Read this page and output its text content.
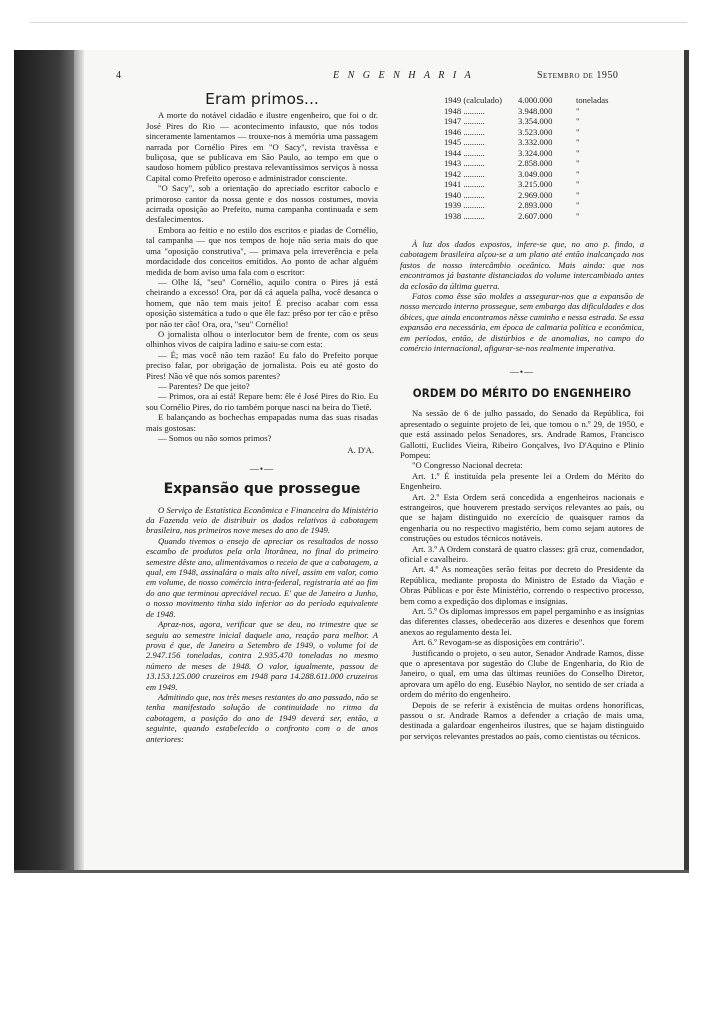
4	E N G E N H A R I A	Setembro de 1950
Eram primos...

A morte do notável cidadão e ilustre engenheiro, que foi o dr. José Pires do Rio — acontecimento infausto, que nós todos sinceramente lamentamos — trouxe-nos à memória uma passagem narrada por Cornélio Pires em "O Sacy", revista travêssa e buliçosa, que se publicava em São Paulo, ao tempo em que o saudoso homem público prestava relevantíssimos serviços à nossa Capital como Prefeito operoso e administrador consciente.

"O Sacy", sob a orientação do apreciado escritor caboclo e primoroso cantor da nossa gente e dos nossos costumes, movia acirrada oposição ao Prefeito, numa campanha continuada e sem desfalecimentos.

Embora ao feitio e no estilo dos escritos e piadas de Cornélio, tal campanha — que nos tempos de hoje não seria mais do que uma "oposição construtiva", — primava pela irreverência e pela mordacidade dos conceitos emitidos. Ao ponto de achar alguém medida de bom aviso uma fala com o escritor:

— Olhe lá, "seu" Cornélio, aquilo contra o Pires já está cheirando a excesso! Ora, por dá cá aquela palha, você desanca o homem, que não tem mais jeito! É preciso acabar com essa oposição sistemática a tudo o que êle faz: prêso por ter cão e prêso por não ter cão! Ora, ora, "seu" Cornélio!

O jornalista olhou o interlocutor bem de frente, com os seus olhinhos vivos de caipira ladino e saiu-se com esta:

— É; mas você não tem razão! Eu falo do Prefeito porque preciso falar, por obrigação de jornalista. Pois eu até gosto do Pires! Não vê que nós somos parentes?

— Parentes? De que jeito?

— Primos, ora aí está! Repare bem: êle é José Pires do Rio. Eu sou Cornélio Pires, do rio também porque nasci na beira do Tietê.

E balançando as bochechas empapadas numa das suas risadas mais gostosas:

— Somos ou não somos primos?

A. D'A.

—•—
Expansão que prossegue

O Serviço de Estatística Econômica e Financeira do Ministério da Fazenda veio de distribuir os dados relativos à cabotagem brasileira, nos primeiros nove meses do ano de 1949.

Quando tivemos o ensejo de apreciar os resultados de nosso escambo de produtos pela orla litorânea, no final do primeiro semestre dêste ano, alimentávamos o receio de que a cabotagem, a qual, em 1948, assinalára o mais alto nível, assim em valor, como em volume, de nosso comércio intra-federal, registraria até ao fim do ano que terminou apreciável recuo. E' que de Janeiro a Junho, o nosso movimento tinha sido inferior ao do período equivalente de 1948.

Apraz-nos, agora, verificar que se deu, no trimestre que se seguiu ao semestre inicial daquele ano, reação para melhor. A prova é que, de Janeiro a Setembro de 1949, o volume foi de 2.947.156 toneladas, contra 2.935.470 toneladas no mesmo número de meses de 1948. O valor, igualmente, passou de 13.153.125.000 cruzeiros em 1948 para 14.288.611.000 cruzeiros em 1949.

Admitindo que, nos três meses restantes do ano passado, não se tenha manifestado solução de continuidade no ritmo da cabotagem, a posição do ano de 1949 deverá ser, então, a seguinte, quando estabelecido o confronto com o de anos anteriores:

1949 (calculado)	4.000.000	toneladas
1948 ..........	3.948.000	"
1947 ..........	3.354.000	"
1946 ..........	3.523.000	"
1945 ..........	3.332.000	"
1944 ..........	3.324.000	"
1943 ..........	2.858.000	"
1942 ..........	3.049.000	"
1941 ..........	3.215.000	"
1940 ..........	2.969.000	"
1939 ..........	2.893.000	"
1938 ..........	2.607.000	"

À luz dos dados expostos, infere-se que, no ano p. findo, a cabotagem brasileira alçou-se a um plano até então inalcançado nos fastos de nosso intercâmbio oceânico. Mais ainda: que nos encontramos já bastante distanciados do volume intercambiado antes da eclosão da última guerra.

Fatos como êsse são moldes a assegurar-nos que a expansão de nosso mercado interno prossegue, sem embargo das dificuldades e dos óbices, que ainda encontramos nêsse caminho e nessa estrada. Se essa expansão era necessária, em época de calmaria política e econômica, em períodos, então, de distúrbios e de anomalias, no campo do comércio internacional, afigurar-se-nos realmente imperativa.

—•—
ORDEM DO MÉRITO DO ENGENHEIRO

Na sessão de 6 de julho passado, do Senado da República, foi apresentado o seguinte projeto de lei, que tomou o n.º 29, de 1950, e que está assinado pelos Senadores, srs. Andrade Ramos, Francisco Gallotti, Euclides Vieira, Ribeiro Gonçalves, Ivo D'Aquino e Plinio Pompeu:

"O Congresso Nacional decreta:

Art. 1.º É instituída pela presente lei a Ordem do Mérito do Engenheiro.

Art. 2.º Esta Ordem será concedida a engenheiros nacionais e estrangeiros, que houverem prestado serviços relevantes ao país, ou que se hajam distinguido no exercício de quaisquer ramos da engenharia ou no respectivo magistério, bem como sejam autores de construções ou estudos técnicos notáveis.

Art. 3.º A Ordem constará de quatro classes: grã cruz, comendador, oficial e cavalheiro.

Art. 4.º As nomeações serão feitas por decreto do Presidente da República, mediante proposta do Ministro de Estado da Viação e Obras Públicas e por êste Ministério, correndo o respectivo processo, bem como a expedição dos diplomas e insígnias.

Art. 5.º Os diplomas impressos em papel pergaminho e as insígnias das diferentes classes, obedecerão aos dizeres e desenhos que forem anexos ao regulamento desta lei.

Art. 6.º Revogam-se as disposições em contrário".

Justificando o projeto, o seu autor, Senador Andrade Ramos, disse que o apresentava por sugestão do Clube de Engenharia, do Rio de Janeiro, o qual, em uma das últimas reuniões do Conselho Diretor, aprovara um apêlo do eng. Eusébio Naylor, no sentido de ser criada a ordem do mérito do engenheiro.

Depois de se referir à existência de muitas ordens honoríficas, passou o sr. Andrade Ramos a defender a criação de mais uma, destinada a galardoar engenheiros ilustres, que se hajam distinguido por serviços relevantes prestados ao país, como cientistas ou técnicos.
